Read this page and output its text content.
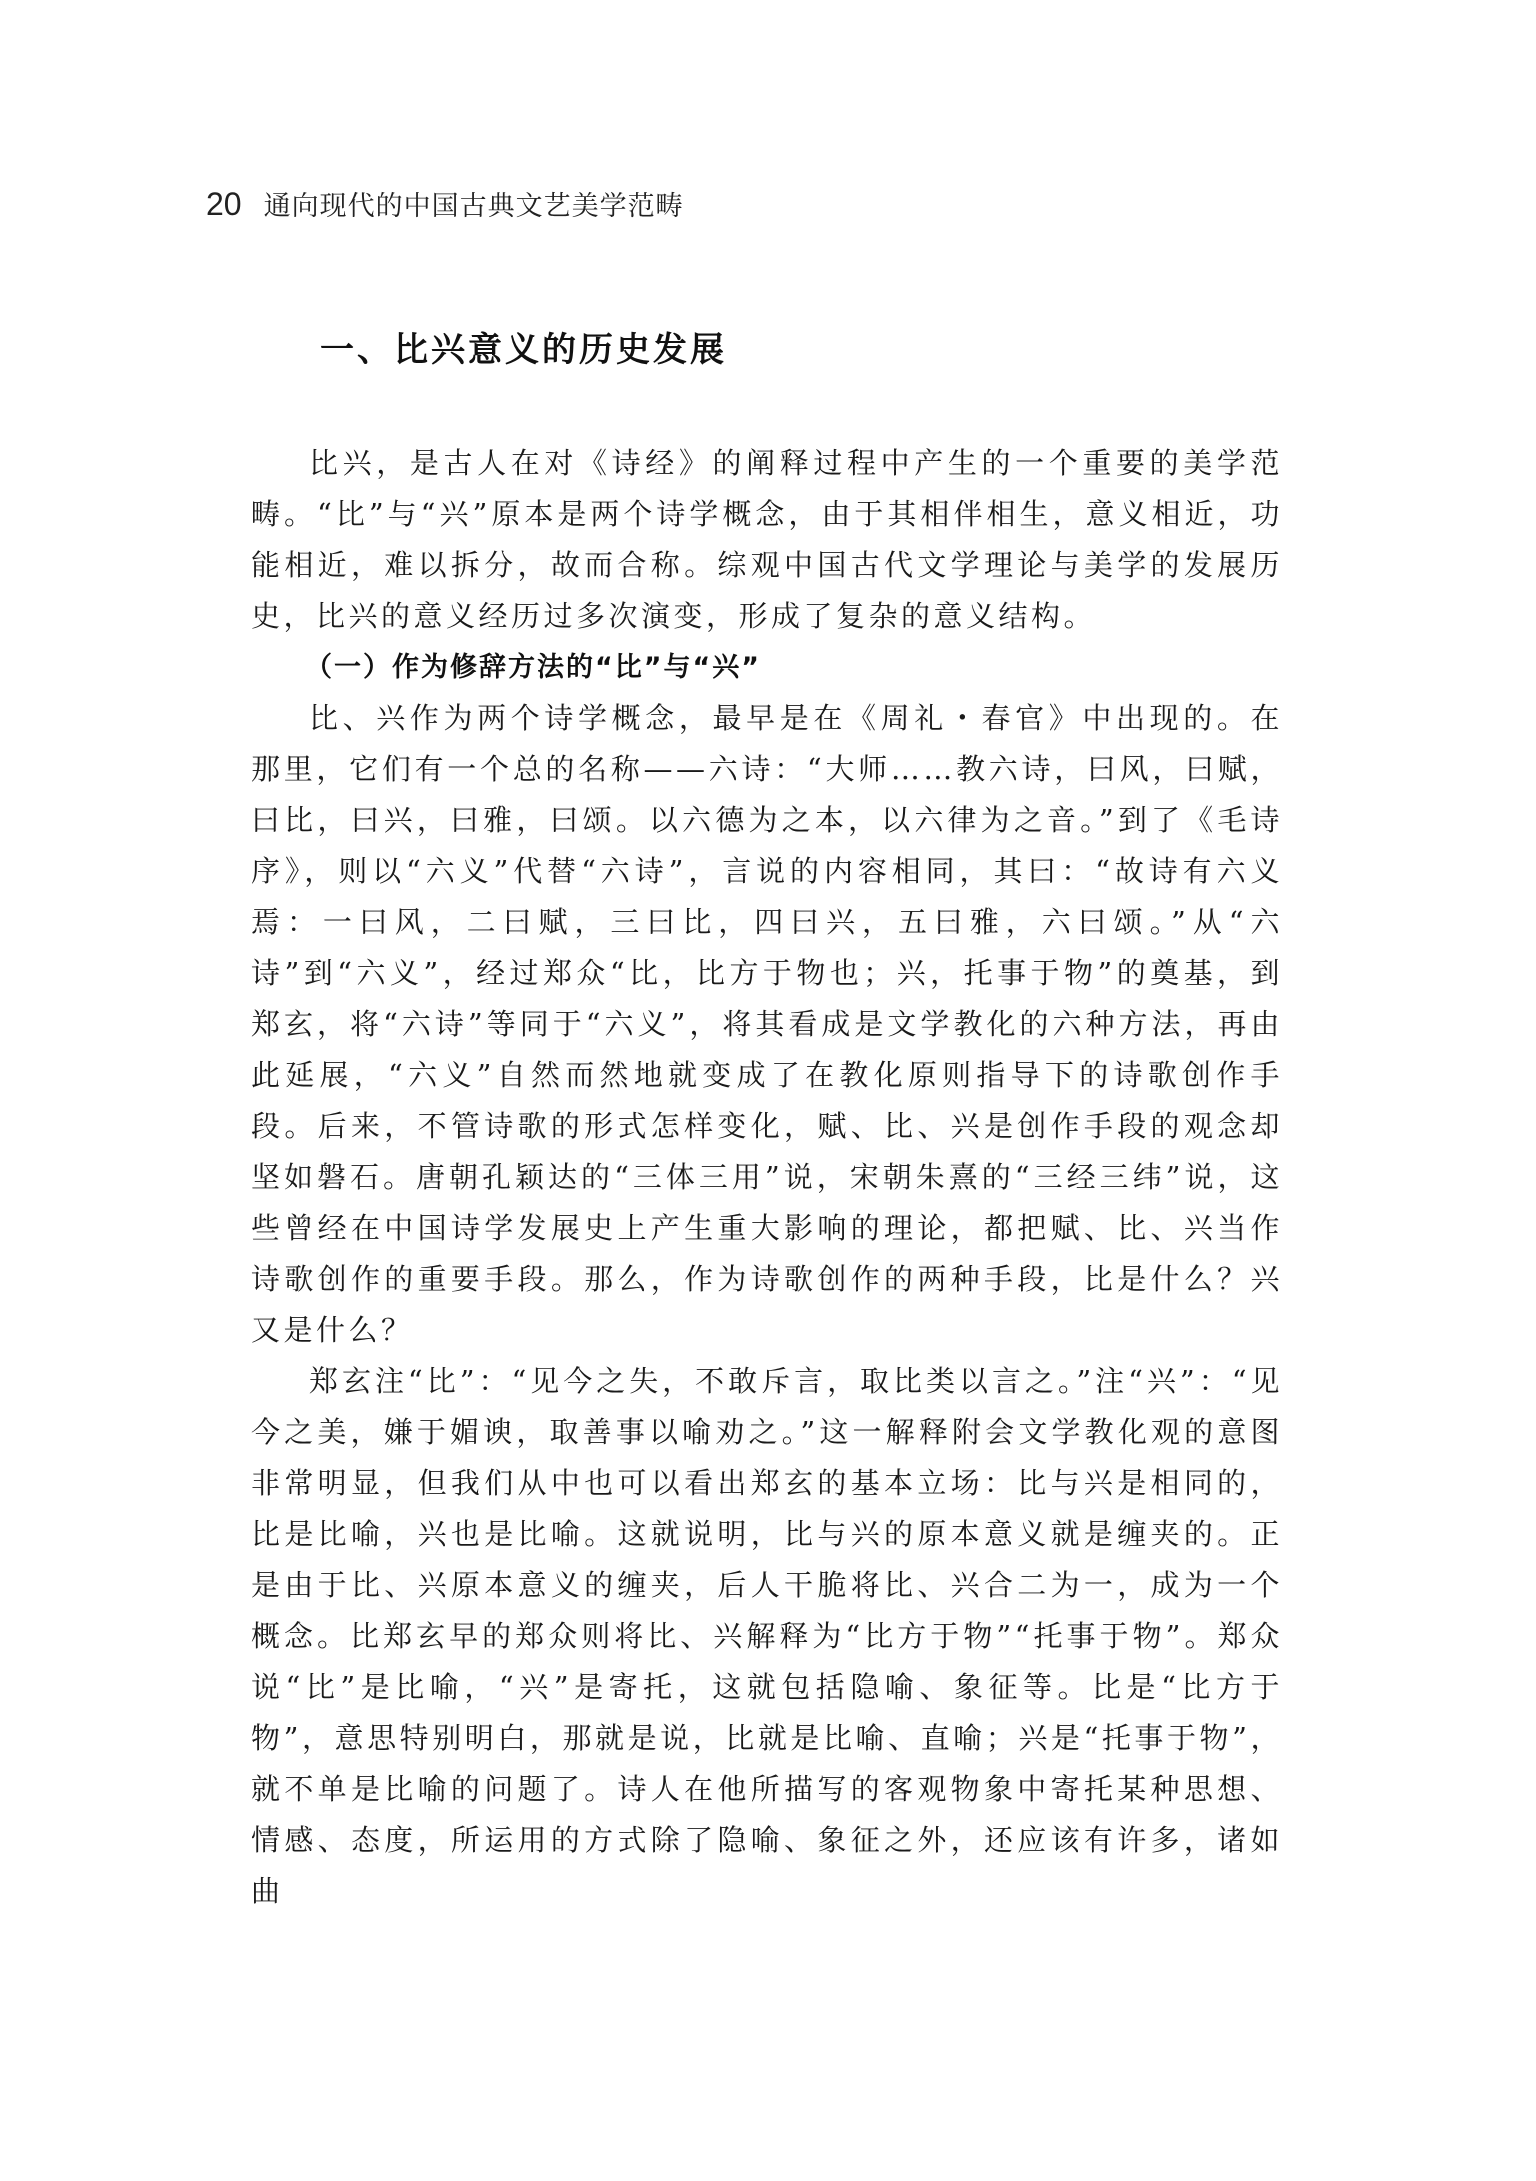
20 通向现代的中国古典文艺美学范畴
一、比兴意义的历史发展

比兴，是古人在对《诗经》的阐释过程中产生的一个重要的美学范畴。“比”与“兴”原本是两个诗学概念，由于其相伴相生，意义相近，功能相近，难以拆分，故而合称。综观中国古代文学理论与美学的发展历史，比兴的意义经历过多次演变，形成了复杂的意义结构。

（一）作为修辞方法的“比”与“兴”

比、兴作为两个诗学概念，最早是在《周礼・春官》中出现的。在那里，它们有一个总的名称——六诗：“大师……教六诗，曰风，曰赋，曰比，曰兴，曰雅，曰颂。以六德为之本，以六律为之音。”到了《毛诗序》，则以“六义”代替“六诗”，言说的内容相同，其曰：“故诗有六义焉：一曰风，二曰赋，三曰比，四曰兴，五曰雅，六曰颂。”从“六诗”到“六义”，经过郑众“比，比方于物也；兴，托事于物”的奠基，到郑玄，将“六诗”等同于“六义”，将其看成是文学教化的六种方法，再由此延展，“六义”自然而然地就变成了在教化原则指导下的诗歌创作手段。后来，不管诗歌的形式怎样变化，赋、比、兴是创作手段的观念却坚如磐石。唐朝孔颖达的“三体三用”说，宋朝朱熹的“三经三纬”说，这些曾经在中国诗学发展史上产生重大影响的理论，都把赋、比、兴当作诗歌创作的重要手段。那么，作为诗歌创作的两种手段，比是什么？兴又是什么？

郑玄注“比”：“见今之失，不敢斥言，取比类以言之。”注“兴”：“见今之美，嫌于媚谀，取善事以喻劝之。”这一解释附会文学教化观的意图非常明显，但我们从中也可以看出郑玄的基本立场：比与兴是相同的，比是比喻，兴也是比喻。这就说明，比与兴的原本意义就是缠夹的。正是由于比、兴原本意义的缠夹，后人干脆将比、兴合二为一，成为一个概念。比郑玄早的郑众则将比、兴解释为“比方于物”“托事于物”。郑众说“比”是比喻，“兴”是寄托，这就包括隐喻、象征等。比是“比方于物”，意思特别明白，那就是说，比就是比喻、直喻；兴是“托事于物”，就不单是比喻的问题了。诗人在他所描写的客观物象中寄托某种思想、情感、态度，所运用的方式除了隐喻、象征之外，还应该有许多，诸如曲
